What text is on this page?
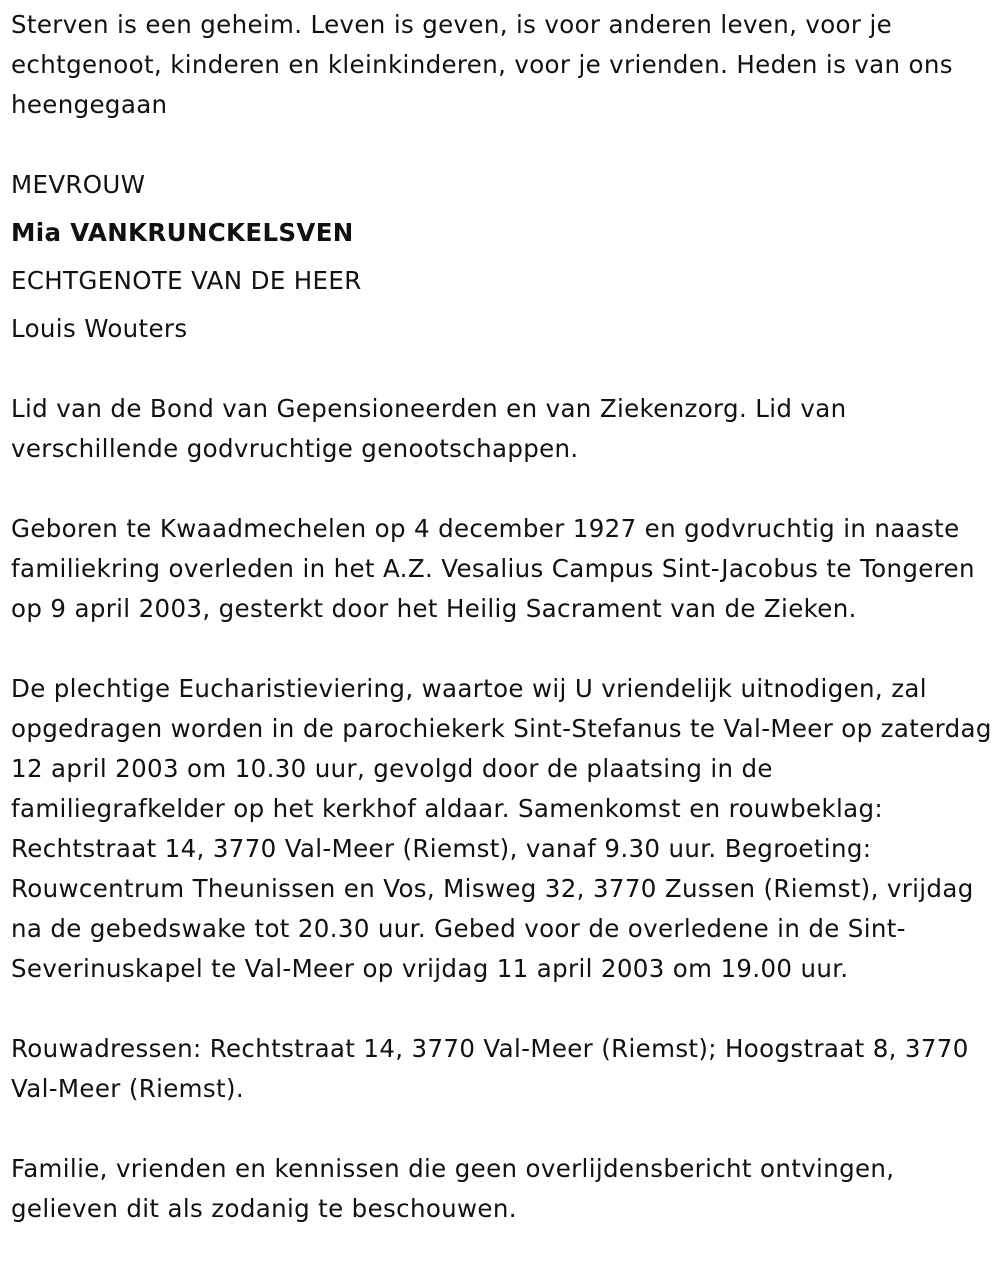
Sterven is een geheim. Leven is geven, is voor anderen leven, voor je echtgenoot, kinderen en kleinkinderen, voor je vrienden. Heden is van ons heengegaan

MEVROUW

Mia VANKRUNCKELSVEN

ECHTGENOTE VAN DE HEER

Louis Wouters

Lid van de Bond van Gepensioneerden en van Ziekenzorg. Lid van verschillende godvruchtige genootschappen.

Geboren te Kwaadmechelen op 4 december 1927 en godvruchtig in naaste familiekring overleden in het A.Z. Vesalius Campus Sint-Jacobus te Tongeren op 9 april 2003, gesterkt door het Heilig Sacrament van de Zieken.

De plechtige Eucharistieviering, waartoe wij U vriendelijk uitnodigen, zal opgedragen worden in de parochiekerk Sint-Stefanus te Val-Meer op zaterdag 12 april 2003 om 10.30 uur, gevolgd door de plaatsing in de familiegrafkelder op het kerkhof aldaar. Samenkomst en rouwbeklag: Rechtstraat 14, 3770 Val-Meer (Riemst), vanaf 9.30 uur. Begroeting: Rouwcentrum Theunissen en Vos, Misweg 32, 3770 Zussen (Riemst), vrijdag na de gebedswake tot 20.30 uur. Gebed voor de overledene in de Sint-Severinuskapel te Val-Meer op vrijdag 11 april 2003 om 19.00 uur.

Rouwadressen: Rechtstraat 14, 3770 Val-Meer (Riemst); Hoogstraat 8, 3770 Val-Meer (Riemst).

Familie, vrienden en kennissen die geen overlijdensbericht ontvingen, gelieven dit als zodanig te beschouwen.
